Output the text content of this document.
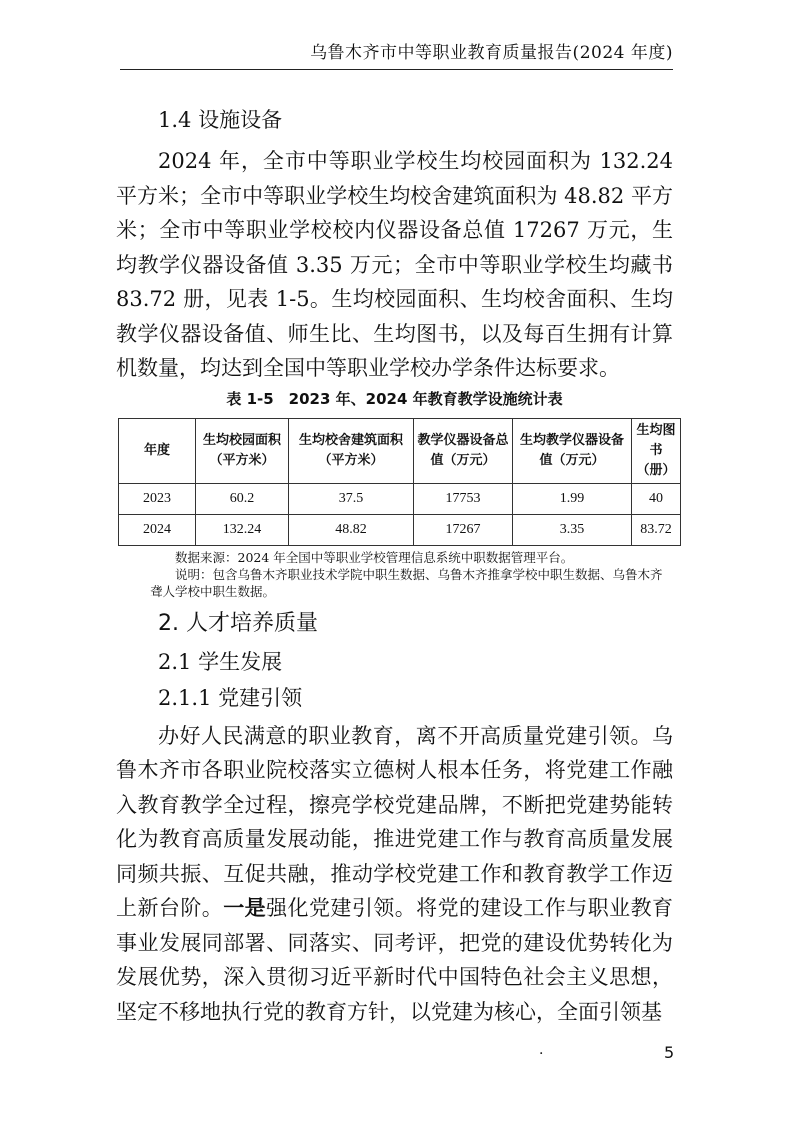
乌鲁木齐市中等职业教育质量报告(2024 年度)

1.4 设施设备

2024 年，全市中等职业学校生均校园面积为 132.24 平方米；全市中等职业学校生均校舍建筑面积为 48.82 平方米；全市中等职业学校校内仪器设备总值 17267 万元，生均教学仪器设备值 3.35 万元；全市中等职业学校生均藏书 83.72 册，见表 1-5。生均校园面积、生均校舍面积、生均教学仪器设备值、师生比、生均图书，以及每百生拥有计算机数量，均达到全国中等职业学校办学条件达标要求。

表 1-5　2023 年、2024 年教育教学设施统计表
年度	生均校园面积（平方米）	生均校舍建筑面积（平方米）	教学仪器设备总值（万元）	生均教学仪器设备值（万元）	生均图书（册）
2023	60.2	37.5	17753	1.99	40
2024	132.24	48.82	17267	3.35	83.72
数据来源：2024 年全国中等职业学校管理信息系统中职数据管理平台。
说明：包含乌鲁木齐职业技术学院中职生数据、乌鲁木齐推拿学校中职生数据、乌鲁木齐聋人学校中职生数据。

2. 人才培养质量

2.1 学生发展

2.1.1 党建引领

办好人民满意的职业教育，离不开高质量党建引领。乌鲁木齐市各职业院校落实立德树人根本任务，将党建工作融入教育教学全过程，擦亮学校党建品牌，不断把党建势能转化为教育高质量发展动能，推进党建工作与教育高质量发展同频共振、互促共融，推动学校党建工作和教育教学工作迈上新台阶。一是强化党建引领。将党的建设工作与职业教育事业发展同部署、同落实、同考评，把党的建设优势转化为发展优势，深入贯彻习近平新时代中国特色社会主义思想，坚定不移地执行党的教育方针，以党建为核心，全面引领基

·	5
